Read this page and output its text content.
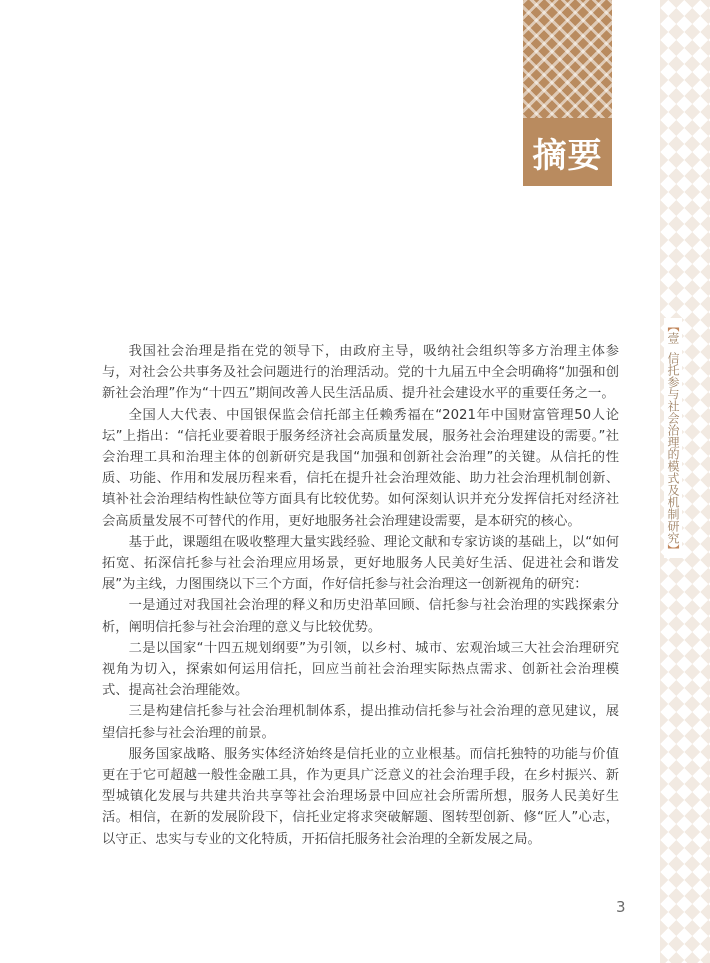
摘要
【壹信托参与社会治理的模式及机制研究】

我国社会治理是指在党的领导下，由政府主导，吸纳社会组织等多方治理主体参与，对社会公共事务及社会问题进行的治理活动。党的十九届五中全会明确将“加强和创新社会治理”作为“十四五”期间改善人民生活品质、提升社会建设水平的重要任务之一。

全国人大代表、中国银保监会信托部主任赖秀福在“2021年中国财富管理50人论坛”上指出：“信托业要着眼于服务经济社会高质量发展，服务社会治理建设的需要。”社会治理工具和治理主体的创新研究是我国“加强和创新社会治理”的关键。从信托的性质、功能、作用和发展历程来看，信托在提升社会治理效能、助力社会治理机制创新、填补社会治理结构性缺位等方面具有比较优势。如何深刻认识并充分发挥信托对经济社会高质量发展不可替代的作用，更好地服务社会治理建设需要，是本研究的核心。

基于此，课题组在吸收整理大量实践经验、理论文献和专家访谈的基础上，以“如何拓宽、拓深信托参与社会治理应用场景，更好地服务人民美好生活、促进社会和谐发展”为主线，力图围绕以下三个方面，作好信托参与社会治理这一创新视角的研究：

一是通过对我国社会治理的释义和历史沿革回顾、信托参与社会治理的实践探索分析，阐明信托参与社会治理的意义与比较优势。

二是以国家“十四五规划纲要”为引领，以乡村、城市、宏观治域三大社会治理研究视角为切入，探索如何运用信托，回应当前社会治理实际热点需求、创新社会治理模式、提高社会治理能效。

三是构建信托参与社会治理机制体系，提出推动信托参与社会治理的意见建议，展望信托参与社会治理的前景。

服务国家战略、服务实体经济始终是信托业的立业根基。而信托独特的功能与价值更在于它可超越一般性金融工具，作为更具广泛意义的社会治理手段，在乡村振兴、新型城镇化发展与共建共治共享等社会治理场景中回应社会所需所想，服务人民美好生活。相信，在新的发展阶段下，信托业定将求突破解题、图转型创新、修“匠人”心志，以守正、忠实与专业的文化特质，开拓信托服务社会治理的全新发展之局。

3
